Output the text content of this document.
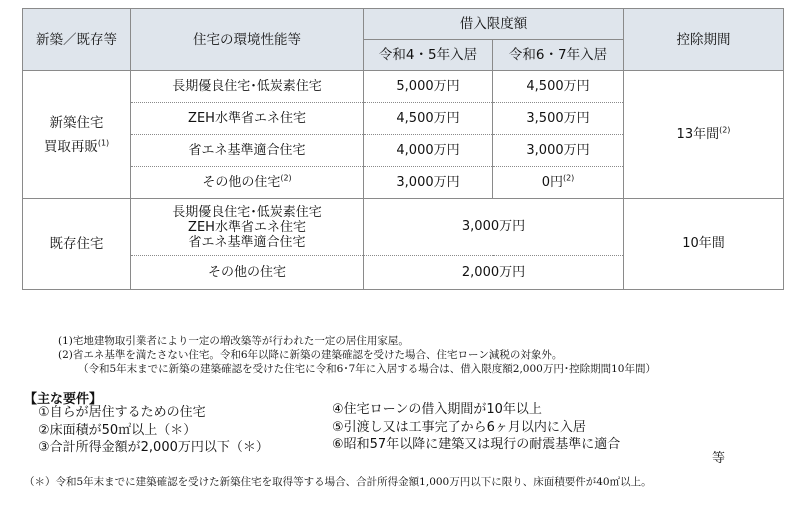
新築／既存等	住宅の環境性能等	借入限度額		控除期間
		令和4・5年入居	令和6・7年入居	

新築住宅
買取再販$^{(1)}$	長期優良住宅･低炭素住宅	5,000万円	4,500万円	13年間$^{(2)}$
	ZEH水準省エネ住宅	4,500万円	3,500万円	
	省エネ基準適合住宅	4,000万円	3,000万円	
	その他の住宅$^{(2)}$	3,000万円	0円$^{(2)}$
既存住宅	長期優良住宅･低炭素住宅
ZEH水準省エネ住宅
省エネ基準適合住宅	3,000万円		10年間
	その他の住宅	2,000万円		
(1)宅地建物取引業者により一定の増改築等が行われた一定の居住用家屋。
(2)省エネ基準を満たさない住宅。令和6年以降に新築の建築確認を受けた場合、住宅ローン減税の対象外。
（令和5年末までに新築の建築確認を受けた住宅に令和6･7年に入居する場合は、借入限度額2,000万円･控除期間10年間）
【主な要件】
①自らが居住するための住宅
②床面積が50㎡以上（＊）
③合計所得金額が2,000万円以下（＊）
④住宅ローンの借入期間が10年以上
⑤引渡し又は工事完了から6ヶ月以内に入居
⑥昭和57年以降に建築又は現行の耐震基準に適合
等
（＊）令和5年末までに建築確認を受けた新築住宅を取得等する場合、合計所得金額1,000万円以下に限り、床面積要件が40㎡以上。
